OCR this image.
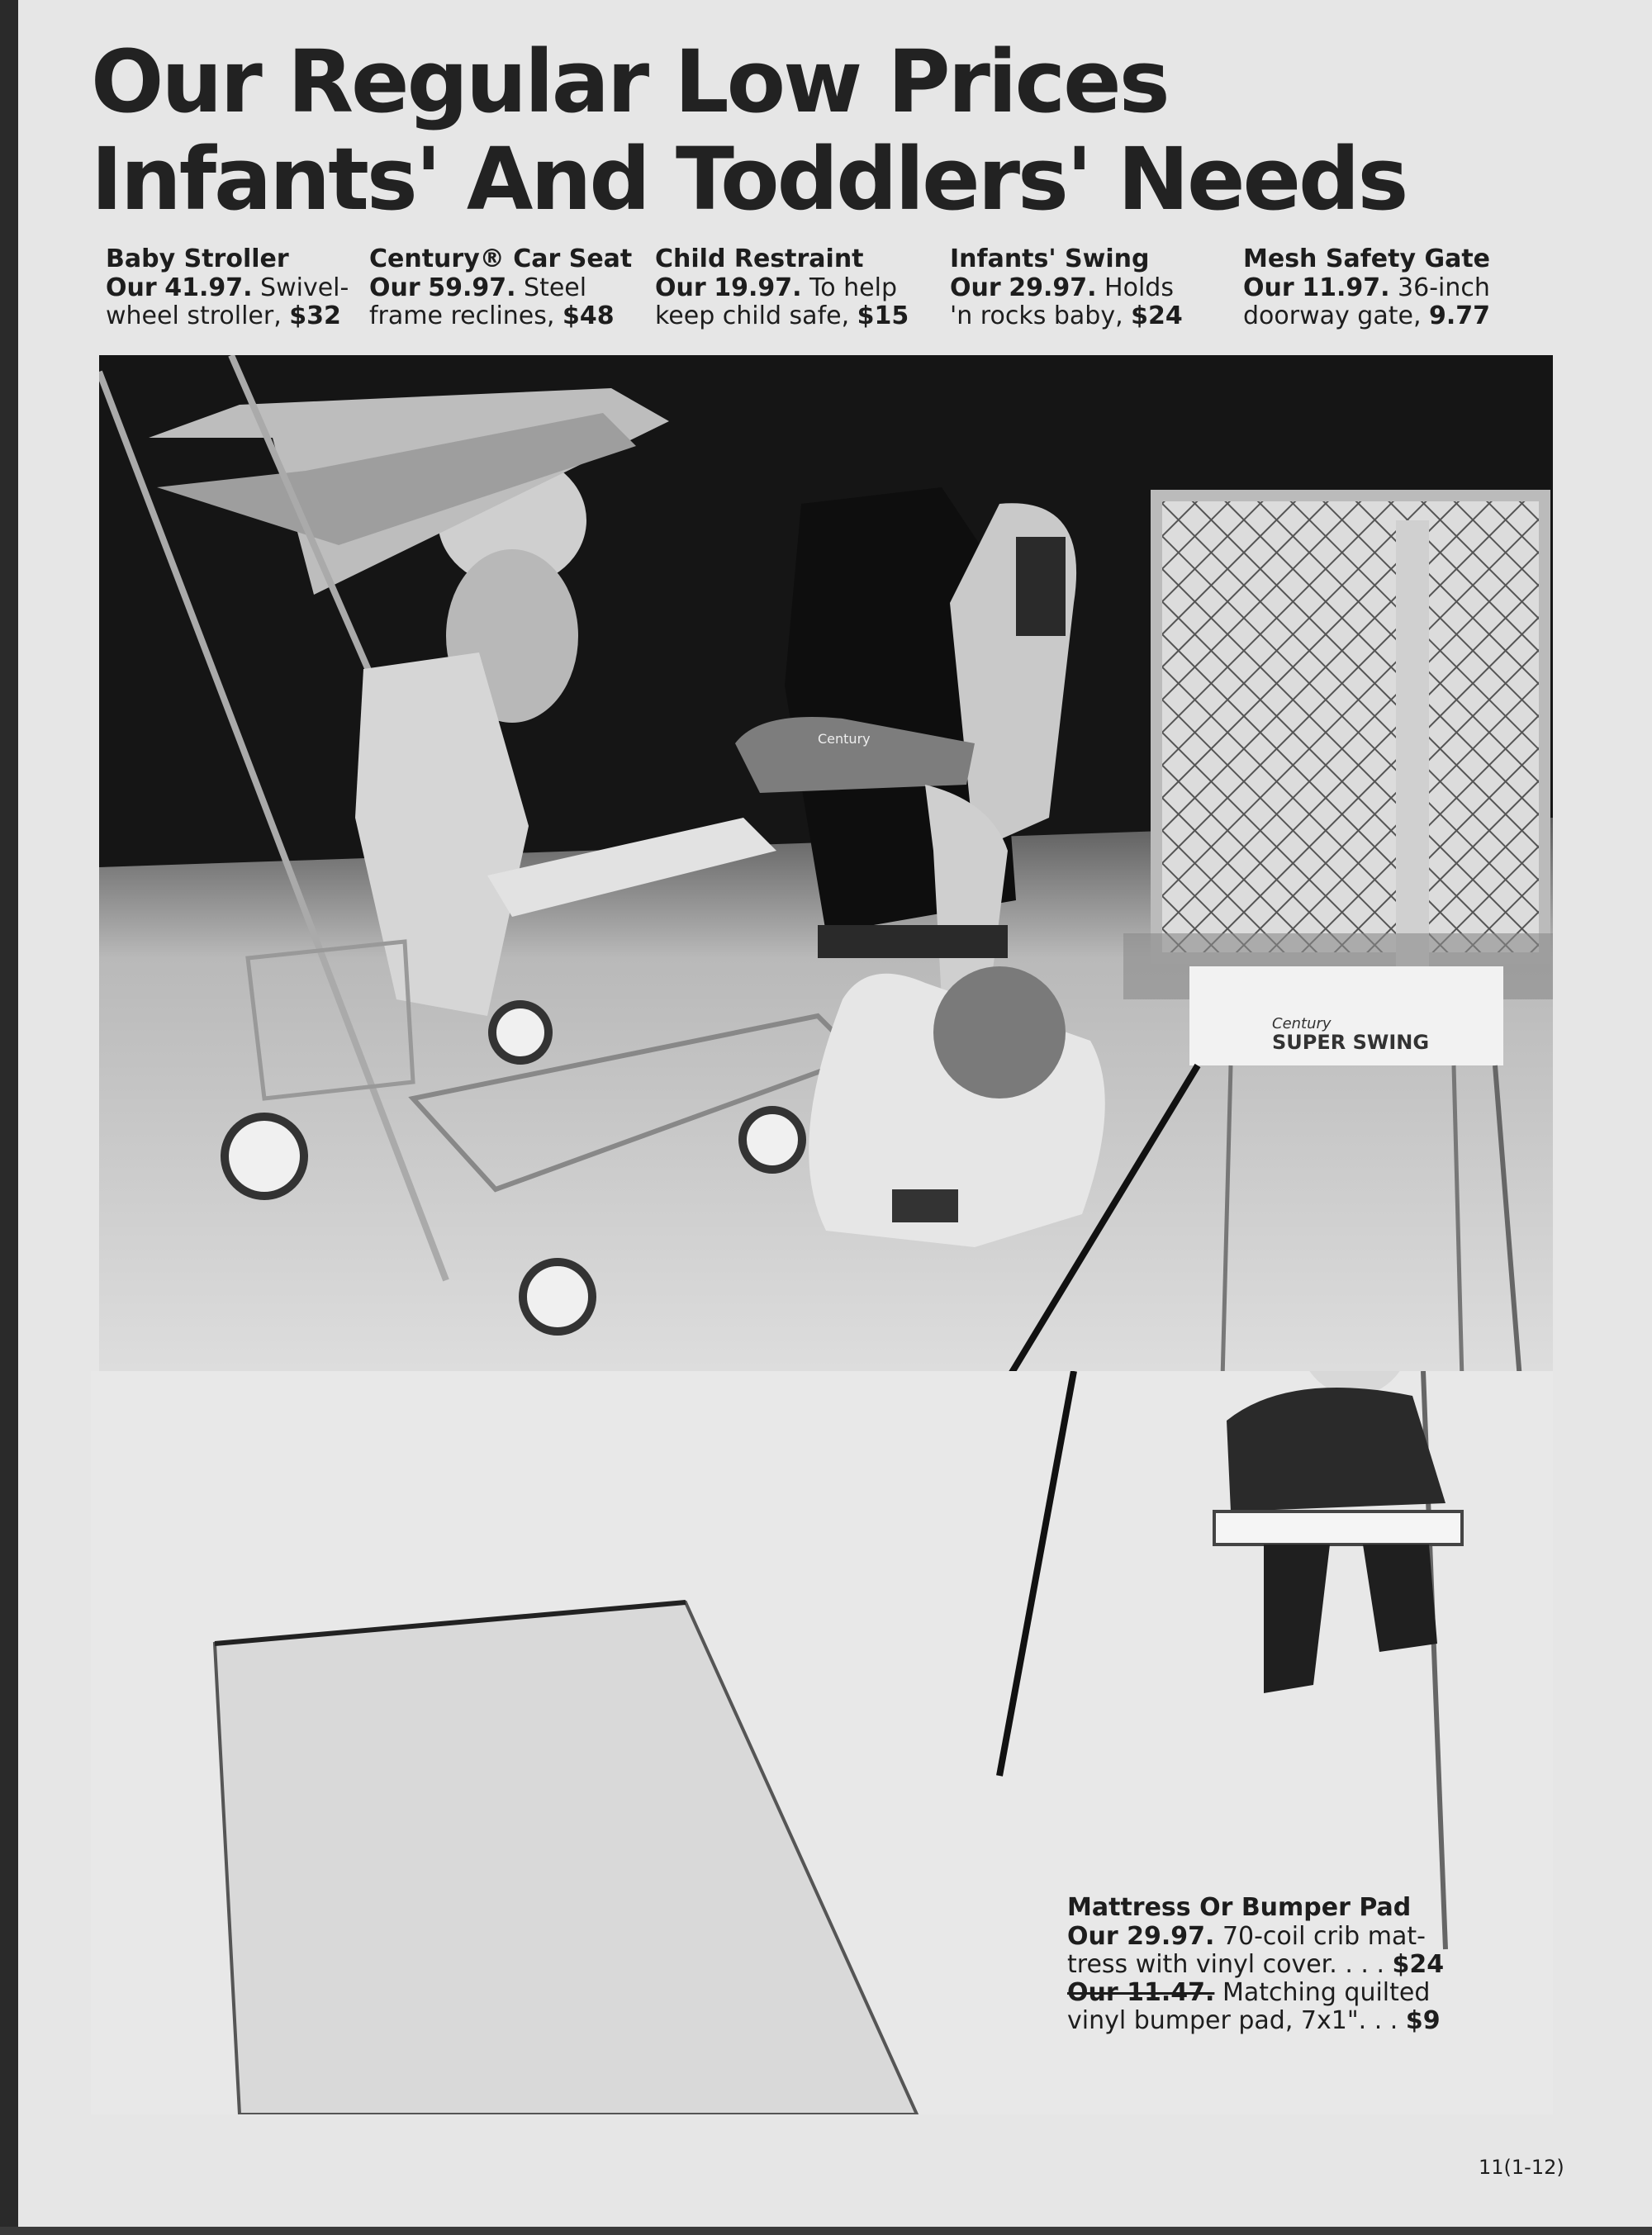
Our Regular Low Prices
Infants' And Toddlers' Needs
Baby Stroller
Our 41.97. Swivel-
wheel stroller, $32
Century® Car Seat
Our 59.97. Steel
frame reclines, $48
Child Restraint
Our 19.97. To help
keep child safe, $15
Infants' Swing
Our 29.97. Holds
'n rocks baby, $24
Mesh Safety Gate
Our 11.97. 36-inch
doorway gate, 9.77
Century
Century
SUPER SWING
Mattress Or Bumper Pad
Our 29.97. 70-coil crib mat-
tress with vinyl cover. . . . $24
Our 11.47. Matching quilted
vinyl bumper pad, 7x1". . . $9
11(1-12)
